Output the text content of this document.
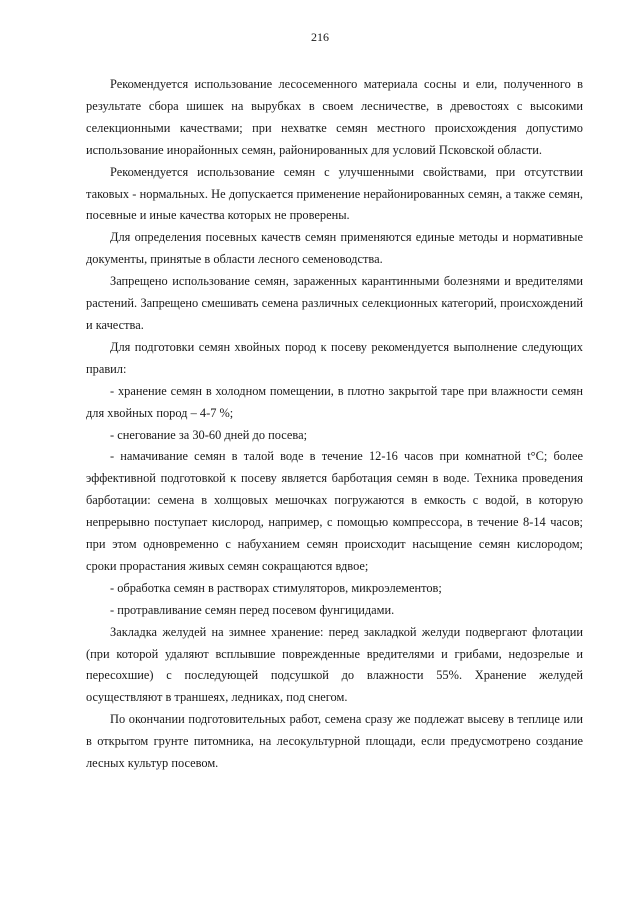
216

Рекомендуется использование лесосеменного материала сосны и ели, полученного в результате сбора шишек на вырубках в своем лесничестве, в древостоях с высокими селекционными качествами; при нехватке семян местного происхождения допустимо использование инорайонных семян, районированных для условий Псковской области.

Рекомендуется использование семян с улучшенными свойствами, при отсутствии таковых - нормальных. Не допускается применение нерайонированных семян, а также семян, посевные и иные качества которых не проверены.

Для определения посевных качеств семян применяются единые методы и нормативные документы, принятые в области лесного семеноводства.

Запрещено использование семян, зараженных карантинными болезнями и вредителями растений. Запрещено смешивать семена различных селекционных категорий, происхождений и качества.

Для подготовки семян хвойных пород к посеву рекомендуется выполнение следующих правил:

- хранение семян в холодном помещении, в плотно закрытой таре при влажности семян для хвойных пород – 4-7 %;

- снегование за 30-60 дней до посева;

- намачивание семян в талой воде в течение 12-16 часов при комнатной t°C; более эффективной подготовкой к посеву является барботация семян в воде. Техника проведения барботации: семена в холщовых мешочках погружаются в емкость с водой, в которую непрерывно поступает кислород, например, с помощью компрессора, в течение 8-14 часов; при этом одновременно с набуханием семян происходит насыщение семян кислородом; сроки прорастания живых семян сокращаются вдвое;

- обработка семян в растворах стимуляторов, микроэлементов;

- протравливание семян перед посевом фунгицидами.

Закладка желудей на зимнее хранение: перед закладкой желуди подвергают флотации (при которой удаляют всплывшие поврежденные вредителями и грибами, недозрелые и пересохшие) с последующей подсушкой до влажности 55%. Хранение желудей осуществляют в траншеях, ледниках, под снегом.

По окончании подготовительных работ, семена сразу же подлежат высеву в теплице или в открытом грунте питомника, на лесокультурной площади, если предусмотрено создание лесных культур посевом.
